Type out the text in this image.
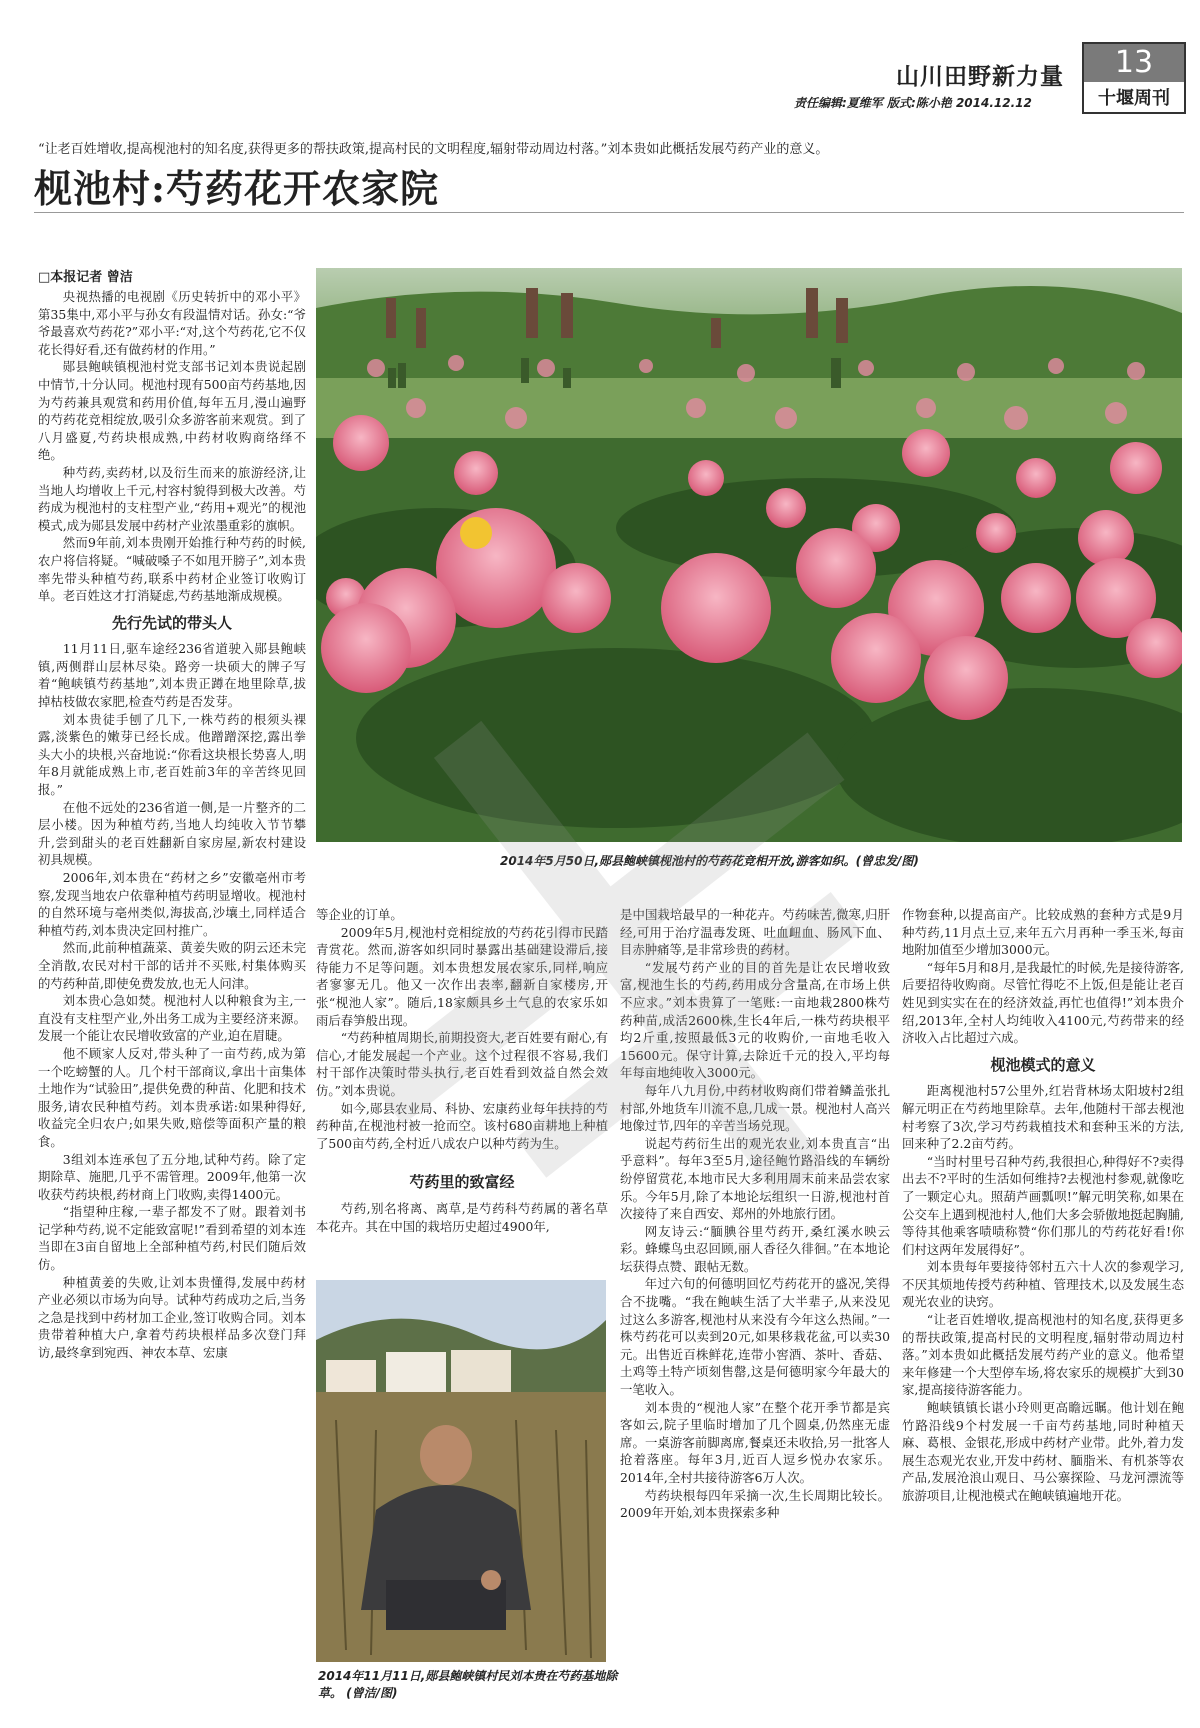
山川田野新力量	13
十堰周刊
责任编辑:夏维军 版式:陈小艳 2014.12.12
“让老百姓增收,提高枧池村的知名度,获得更多的帮扶政策,提高村民的文明程度,辐射带动周边村落。”刘本贵如此概括发展芍药产业的意义。
枧池村:芍药花开农家院
□本报记者 曾洁

央视热播的电视剧《历史转折中的邓小平》第35集中,邓小平与孙女有段温情对话。孙女:“爷爷最喜欢芍药花?”邓小平:“对,这个芍药花,它不仅花长得好看,还有做药材的作用。”

郧县鲍峡镇枧池村党支部书记刘本贵说起剧中情节,十分认同。枧池村现有500亩芍药基地,因为芍药兼具观赏和药用价值,每年五月,漫山遍野的芍药花竞相绽放,吸引众多游客前来观赏。到了八月盛夏,芍药块根成熟,中药材收购商络绎不绝。

种芍药,卖药材,以及衍生而来的旅游经济,让当地人均增收上千元,村容村貌得到极大改善。芍药成为枧池村的支柱型产业,“药用+观光”的枧池模式,成为郧县发展中药材产业浓墨重彩的旗帜。

然而9年前,刘本贵刚开始推行种芍药的时候,农户将信将疑。“喊破嗓子不如甩开膀子”,刘本贵率先带头种植芍药,联系中药材企业签订收购订单。老百姓这才打消疑虑,芍药基地渐成规模。

先行先试的带头人

11月11日,驱车途经236省道驶入郧县鲍峡镇,两侧群山层林尽染。路旁一块硕大的牌子写着“鲍峡镇芍药基地”,刘本贵正蹲在地里除草,拔掉枯枝做农家肥,检查芍药是否发芽。

刘本贵徒手刨了几下,一株芍药的根须头裸露,淡紫色的嫩芽已经长成。他蹭蹭深挖,露出拳头大小的块根,兴奋地说:“你看这块根长势喜人,明年8月就能成熟上市,老百姓前3年的辛苦终见回报。”

在他不远处的236省道一侧,是一片整齐的二层小楼。因为种植芍药,当地人均纯收入节节攀升,尝到甜头的老百姓翻新自家房屋,新农村建设初具规模。

2006年,刘本贵在“药材之乡”安徽亳州市考察,发现当地农户依靠种植芍药明显增收。枧池村的自然环境与亳州类似,海拔高,沙壤土,同样适合种植芍药,刘本贵决定回村推广。

然而,此前种植蔬菜、黄姜失败的阴云还未完全消散,农民对村干部的话并不买账,村集体购买的芍药种苗,即使免费发放,也无人问津。

刘本贵心急如焚。枧池村人以种粮食为主,一直没有支柱型产业,外出务工成为主要经济来源。发展一个能让农民增收致富的产业,迫在眉睫。

他不顾家人反对,带头种了一亩芍药,成为第一个吃螃蟹的人。几个村干部商议,拿出十亩集体土地作为“试验田”,提供免费的种苗、化肥和技术服务,请农民种植芍药。刘本贵承诺:如果种得好,收益完全归农户;如果失败,赔偿等面积产量的粮食。

3组刘本连承包了五分地,试种芍药。除了定期除草、施肥,几乎不需管理。2009年,他第一次收获芍药块根,药材商上门收购,卖得1400元。

“指望种庄稼,一辈子都发不了财。跟着刘书记学种芍药,说不定能致富呢!”看到希望的刘本连当即在3亩自留地上全部种植芍药,村民们随后效仿。

种植黄姜的失败,让刘本贵懂得,发展中药材产业必须以市场为向导。试种芍药成功之后,当务之急是找到中药材加工企业,签订收购合同。刘本贵带着种植大户,拿着芍药块根样品多次登门拜访,最终拿到宛西、神农本草、宏康

2014年5月50日,郧县鲍峡镇枧池村的芍药花竞相开放,游客如织。(曾忠发/图)

等企业的订单。

2009年5月,枧池村竞相绽放的芍药花引得市民踏青赏花。然而,游客如织同时暴露出基础建设滞后,接待能力不足等问题。刘本贵想发展农家乐,同样,响应者寥寥无几。他又一次作出表率,翻新自家楼房,开张“枧池人家”。随后,18家颇具乡土气息的农家乐如雨后春笋般出现。

“芍药种植周期长,前期投资大,老百姓要有耐心,有信心,才能发展起一个产业。这个过程很不容易,我们村干部作决策时带头执行,老百姓看到效益自然会效仿。”刘本贵说。

如今,郧县农业局、科协、宏康药业每年扶持的芍药种苗,在枧池村被一抢而空。该村680亩耕地上种植了500亩芍药,全村近八成农户以种芍药为生。

芍药里的致富经

芍药,别名将离、离草,是芍药科芍药属的著名草本花卉。其在中国的栽培历史超过4900年,

2014年11月11日,郧县鲍峡镇村民刘本贵在芍药基地除草。 (曾洁/图)

是中国栽培最早的一种花卉。芍药味苦,微寒,归肝经,可用于治疗温毒发斑、吐血衄血、肠风下血、目赤肿痛等,是非常珍贵的药材。

“发展芍药产业的目的首先是让农民增收致富,枧池生长的芍药,药用成分含量高,在市场上供不应求。”刘本贵算了一笔账:一亩地栽2800株芍药种苗,成活2600株,生长4年后,一株芍药块根平均2斤重,按照最低3元的收购价,一亩地毛收入15600元。保守计算,去除近千元的投入,平均每年每亩地纯收入3000元。

每年八九月份,中药材收购商们带着鳞盖张扎村部,外地货车川流不息,几成一景。枧池村人高兴地像过节,四年的辛苦当场兑现。

说起芍药衍生出的观光农业,刘本贵直言“出乎意料”。每年3至5月,途径鲍竹路沿线的车辆纷纷停留赏花,本地市民大多利用周末前来品尝农家乐。今年5月,除了本地论坛组织一日游,枧池村首次接待了来自西安、郑州的外地旅行团。

网友诗云:“腼腆谷里芍药开,桑红溪水映云彩。蜂蝶鸟虫忍回顾,丽人香径久徘徊。”在本地论坛获得点赞、跟帖无数。

年过六旬的何德明回忆芍药花开的盛况,笑得合不拢嘴。“我在鲍峡生活了大半辈子,从来没见过这么多游客,枧池村从来没有今年这么热闹。”一株芍药花可以卖到20元,如果移栽花盆,可以卖30元。出售近百株鲜花,连带小窖酒、茶叶、香菇、土鸡等土特产顷刻售罄,这是何德明家今年最大的一笔收入。

刘本贵的“枧池人家”在整个花开季节都是宾客如云,院子里临时增加了几个圆桌,仍然座无虚席。一桌游客前脚离席,餐桌还未收拾,另一批客人抢着落座。每年3月,近百人逗乡悦办农家乐。2014年,全村共接待游客6万人次。

芍药块根每四年采摘一次,生长周期比较长。2009年开始,刘本贵探索多种

作物套种,以提高亩产。比较成熟的套种方式是9月种芍药,11月点土豆,来年五六月再种一季玉米,每亩地附加值至少增加3000元。

“每年5月和8月,是我最忙的时候,先是接待游客,后要招待收购商。尽管忙得吃不上饭,但是能让老百姓见到实实在在的经济效益,再忙也值得!”刘本贵介绍,2013年,全村人均纯收入4100元,芍药带来的经济收入占比超过六成。

枧池模式的意义

距离枧池村57公里外,红岩背林场太阳坡村2组解元明正在芍药地里除草。去年,他随村干部去枧池村考察了3次,学习芍药栽植技术和套种玉米的方法,回来种了2.2亩芍药。

“当时村里号召种芍药,我很担心,种得好不?卖得出去不?平时的生活如何维持?去枧池村参观,就像吃了一颗定心丸。照葫芦画瓢呗!”解元明笑称,如果在公交车上遇到枧池村人,他们大多会骄傲地挺起胸脯,等待其他乘客啧啧称赞“你们那儿的芍药花好看!你们村这两年发展得好”。

刘本贵每年要接待邻村五六十人次的参观学习,不厌其烦地传授芍药种植、管理技术,以及发展生态观光农业的诀窍。

“让老百姓增收,提高枧池村的知名度,获得更多的帮扶政策,提高村民的文明程度,辐射带动周边村落。”刘本贵如此概括发展芍药产业的意义。他希望来年修建一个大型停车场,将农家乐的规模扩大到30家,提高接待游客能力。

鲍峡镇镇长谌小玲则更高瞻远瞩。他计划在鲍竹路沿线9个村发展一千亩芍药基地,同时种植天麻、葛根、金银花,形成中药材产业带。此外,着力发展生态观光农业,开发中药材、腼脂米、有机茶等农产品,发展沧浪山观日、马公寨探险、马龙河漂流等旅游项目,让枧池模式在鲍峡镇遍地开花。
